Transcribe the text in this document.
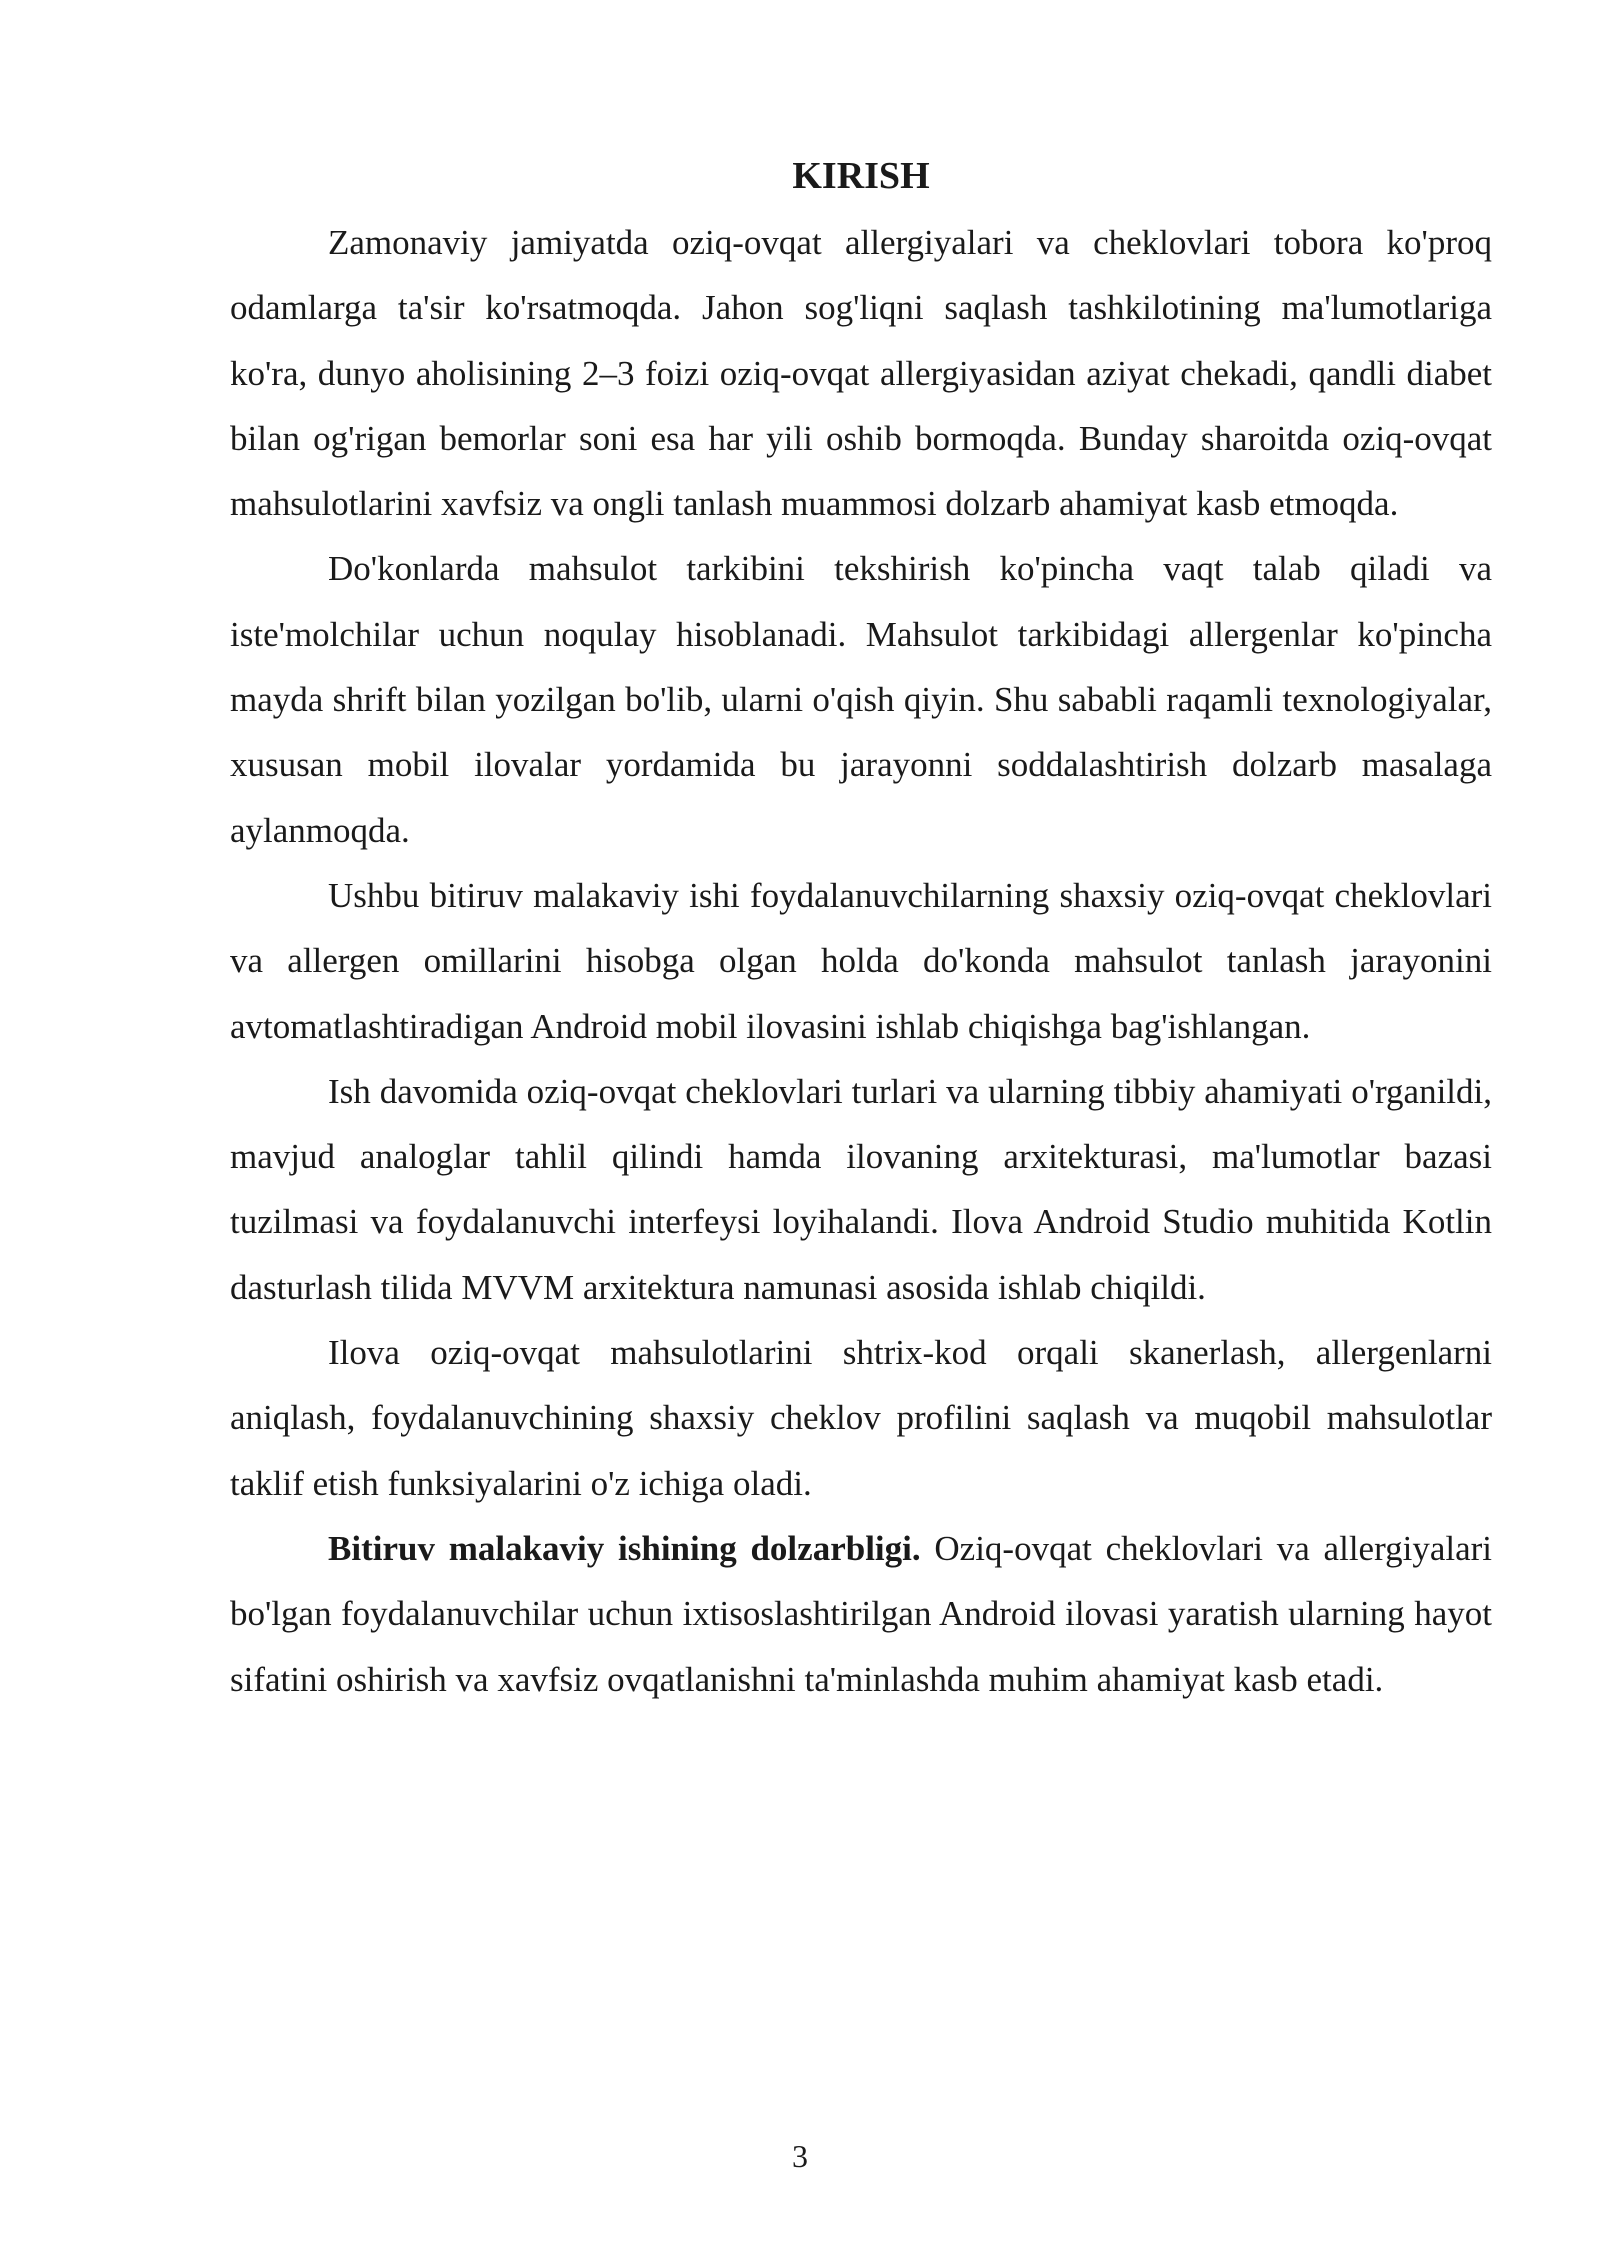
KIRISH

Zamonaviy jamiyatda oziq-ovqat allergiyalari va cheklovlari tobora ko'proq odamlarga ta'sir ko'rsatmoqda. Jahon sog'liqni saqlash tashkilotining ma'lumotlariga ko'ra, dunyo aholisining 2–3 foizi oziq-ovqat allergiyasidan aziyat chekadi, qandli diabet bilan og'rigan bemorlar soni esa har yili oshib bormoqda. Bunday sharoitda oziq-ovqat mahsulotlarini xavfsiz va ongli tanlash muammosi dolzarb ahamiyat kasb etmoqda.

Do'konlarda mahsulot tarkibini tekshirish ko'pincha vaqt talab qiladi va iste'molchilar uchun noqulay hisoblanadi. Mahsulot tarkibidagi allergenlar ko'pincha mayda shrift bilan yozilgan bo'lib, ularni o'qish qiyin. Shu sababli raqamli texnologiyalar, xususan mobil ilovalar yordamida bu jarayonni soddalashtirish dolzarb masalaga aylanmoqda.

Ushbu bitiruv malakaviy ishi foydalanuvchilarning shaxsiy oziq-ovqat cheklovlari va allergen omillarini hisobga olgan holda do'konda mahsulot tanlash jarayonini avtomatlashtiradigan Android mobil ilovasini ishlab chiqishga bag'ishlangan.

Ish davomida oziq-ovqat cheklovlari turlari va ularning tibbiy ahamiyati o'rganildi, mavjud analoglar tahlil qilindi hamda ilovaning arxitekturasi, ma'lumotlar bazasi tuzilmasi va foydalanuvchi interfeysi loyihalandi. Ilova Android Studio muhitida Kotlin dasturlash tilida MVVM arxitektura namunasi asosida ishlab chiqildi.

Ilova oziq-ovqat mahsulotlarini shtrix-kod orqali skanerlash, allergenlarni aniqlash, foydalanuvchining shaxsiy cheklov profilini saqlash va muqobil mahsulotlar taklif etish funksiyalarini o'z ichiga oladi.

Bitiruv malakaviy ishining dolzarbligi. Oziq-ovqat cheklovlari va allergiyalari bo'lgan foydalanuvchilar uchun ixtisoslashtirilgan Android ilovasi yaratish ularning hayot sifatini oshirish va xavfsiz ovqatlanishni ta'minlashda muhim ahamiyat kasb etadi.

3
